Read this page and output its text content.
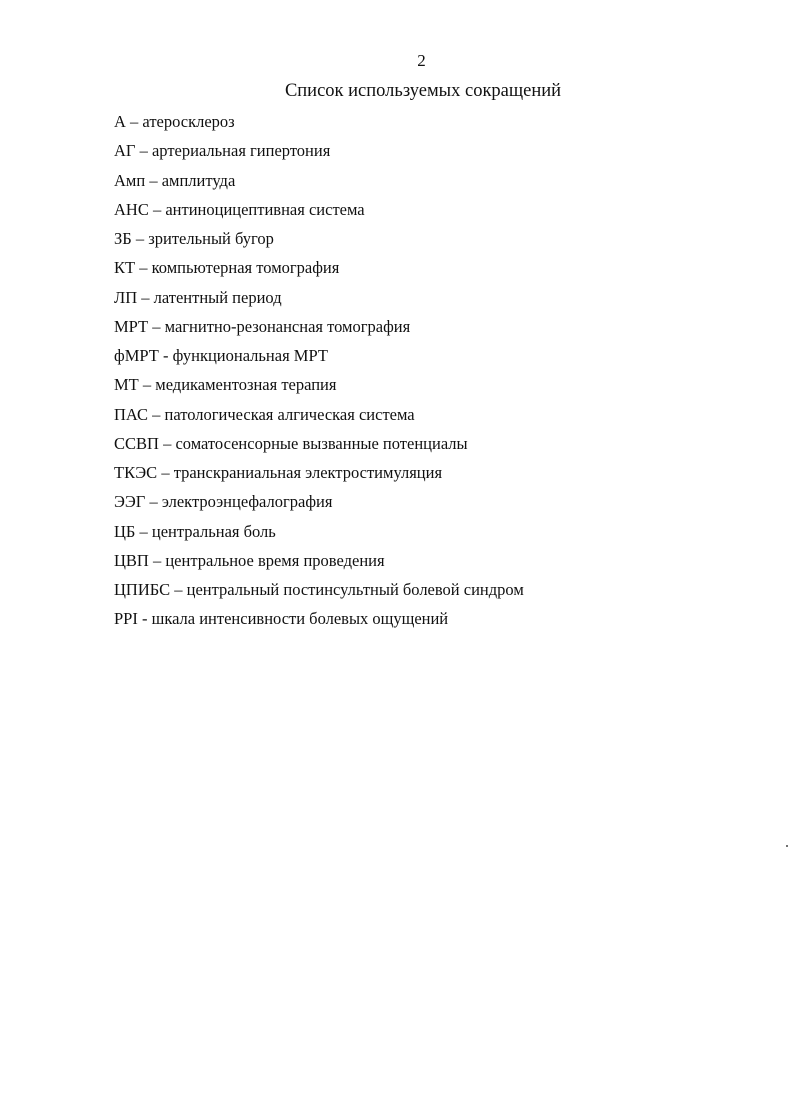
2
Список используемых сокращений
А – атеросклероз
АГ – артериальная гипертония
Амп – амплитуда
АНС – антиноцицептивная система
ЗБ – зрительный бугор
КТ – компьютерная томография
ЛП – латентный период
МРТ – магнитно-резонансная томография
фМРТ - функциональная МРТ
МТ – медикаментозная терапия
ПАС – патологическая алгическая система
ССВП – соматосенсорные вызванные потенциалы
ТКЭС – транскраниальная электростимуляция
ЭЭГ – электроэнцефалография
ЦБ – центральная боль
ЦВП – центральное время проведения
ЦПИБС – центральный постинсультный болевой синдром
PPI - шкала интенсивности болевых ощущений
